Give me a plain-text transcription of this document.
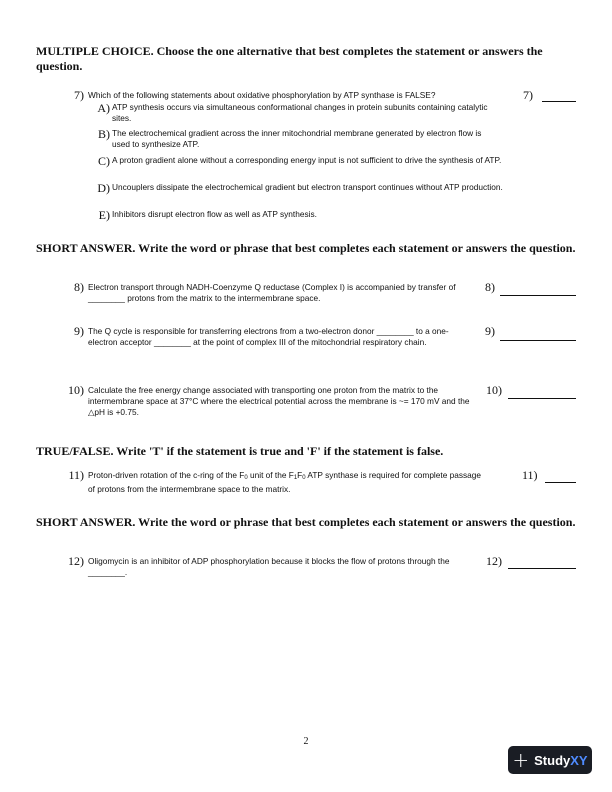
MULTIPLE CHOICE. Choose the one alternative that best completes the statement or answers the question.
7) Which of the following statements about oxidative phosphorylation by ATP synthase is FALSE?	7)
A) ATP synthesis occurs via simultaneous conformational changes in protein subunits containing catalytic sites.
B) The electrochemical gradient across the inner mitochondrial membrane generated by electron flow is used to synthesize ATP.
C) A proton gradient alone without a corresponding energy input is not sufficient to drive the synthesis of ATP.
D) Uncouplers dissipate the electrochemical gradient but electron transport continues without ATP production.
E) Inhibitors disrupt electron flow as well as ATP synthesis.
SHORT ANSWER. Write the word or phrase that best completes each statement or answers the question.
8) Electron transport through NADH-Coenzyme Q reductase (Complex I) is accompanied by transfer of ________ protons from the matrix to the intermembrane space.
8)
9) The Q cycle is responsible for transferring electrons from a two-electron donor ________ to a one-electron acceptor ________ at the point of complex III of the mitochondrial respiratory chain.
9)
10) Calculate the free energy change associated with transporting one proton from the matrix to the intermembrane space at 37°C where the electrical potential across the membrane is ~= 170 mV and the △pH is +0.75.
10)
TRUE/FALSE. Write 'T' if the statement is true and 'F' if the statement is false.
11) Proton-driven rotation of the c-ring of the $F_0$ unit of the $F_1F_0$ ATP synthase is required for complete passage of protons from the intermembrane space to the matrix.
11)
SHORT ANSWER. Write the word or phrase that best completes each statement or answers the question.
12) Oligomycin is an inhibitor of ADP phosphorylation because it blocks the flow of protons through the ________.
12)
2
+ StudyXY
